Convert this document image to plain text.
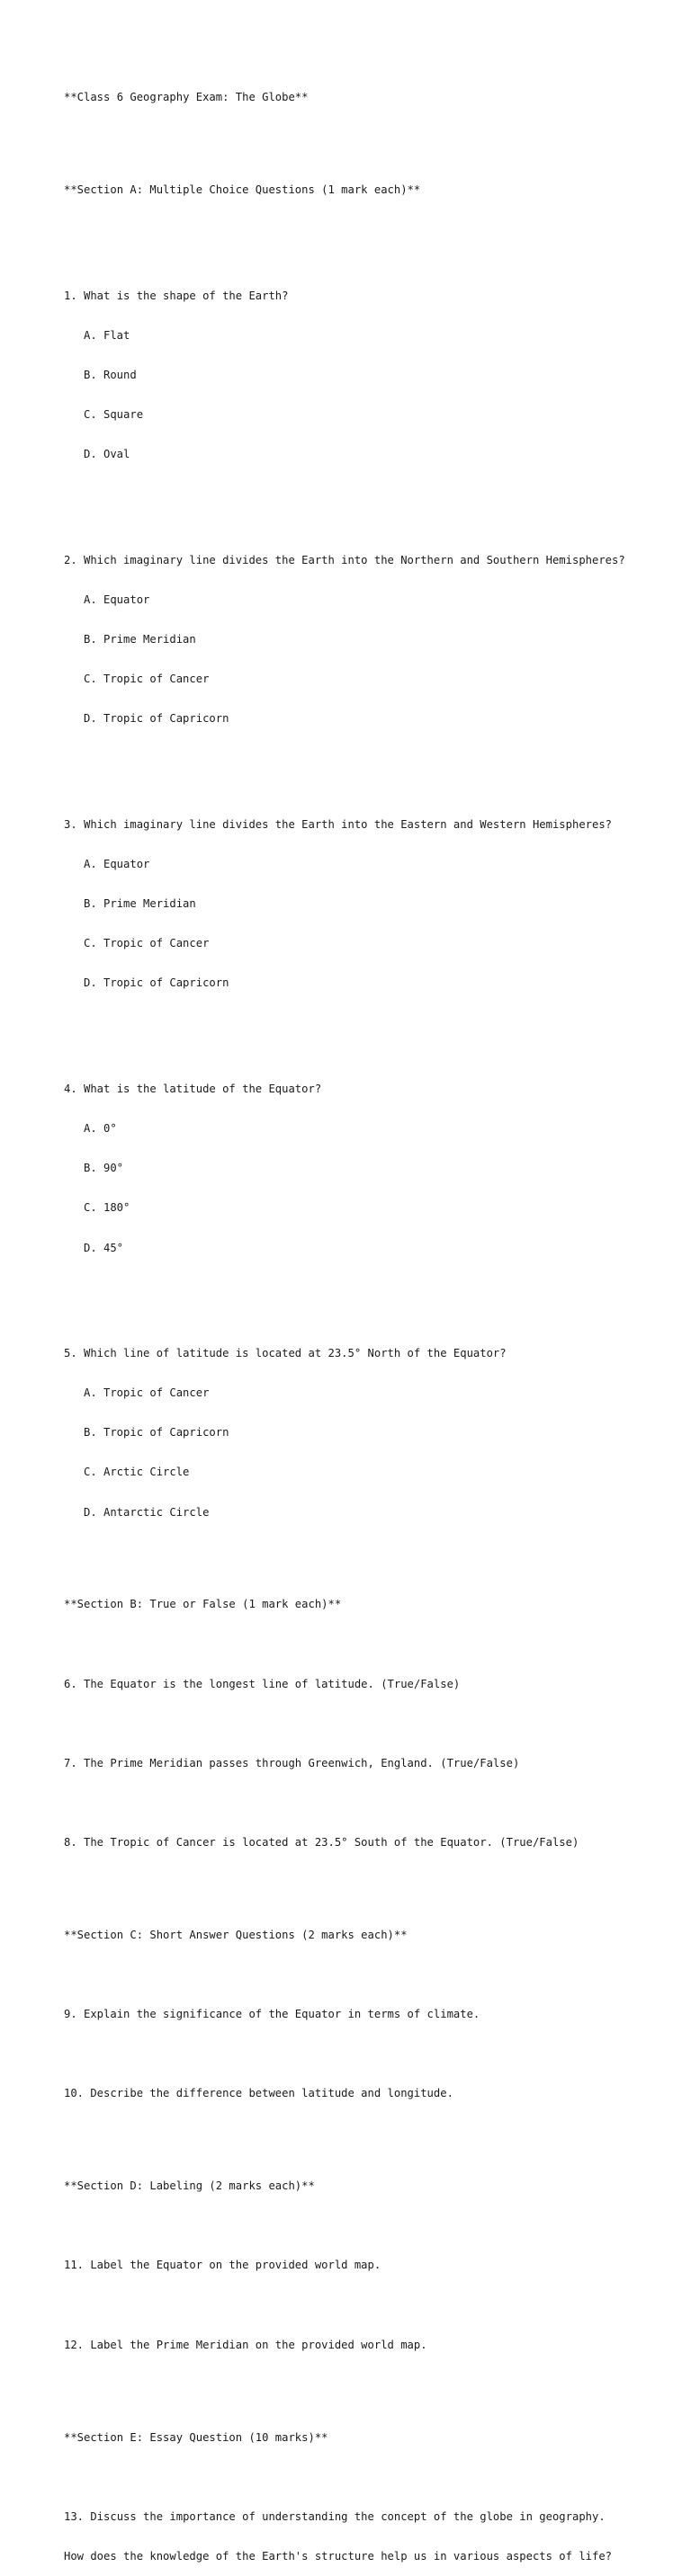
**Class 6 Geography Exam: The Globe**

**Section A: Multiple Choice Questions (1 mark each)**

1. What is the shape of the Earth?

A. Flat

B. Round

C. Square

D. Oval

2. Which imaginary line divides the Earth into the Northern and Southern Hemispheres?

A. Equator

B. Prime Meridian

C. Tropic of Cancer

D. Tropic of Capricorn

3. Which imaginary line divides the Earth into the Eastern and Western Hemispheres?

A. Equator

B. Prime Meridian

C. Tropic of Cancer

D. Tropic of Capricorn

4. What is the latitude of the Equator?

A. 0°

B. 90°

C. 180°

D. 45°

5. Which line of latitude is located at 23.5° North of the Equator?

A. Tropic of Cancer

B. Tropic of Capricorn

C. Arctic Circle

D. Antarctic Circle

**Section B: True or False (1 mark each)**

6. The Equator is the longest line of latitude. (True/False)

7. The Prime Meridian passes through Greenwich, England. (True/False)

8. The Tropic of Cancer is located at 23.5° South of the Equator. (True/False)

**Section C: Short Answer Questions (2 marks each)**

9. Explain the significance of the Equator in terms of climate.

10. Describe the difference between latitude and longitude.

**Section D: Labeling (2 marks each)**

11. Label the Equator on the provided world map.

12. Label the Prime Meridian on the provided world map.

**Section E: Essay Question (10 marks)**

13. Discuss the importance of understanding the concept of the globe in geography.

How does the knowledge of the Earth's structure help us in various aspects of life?
